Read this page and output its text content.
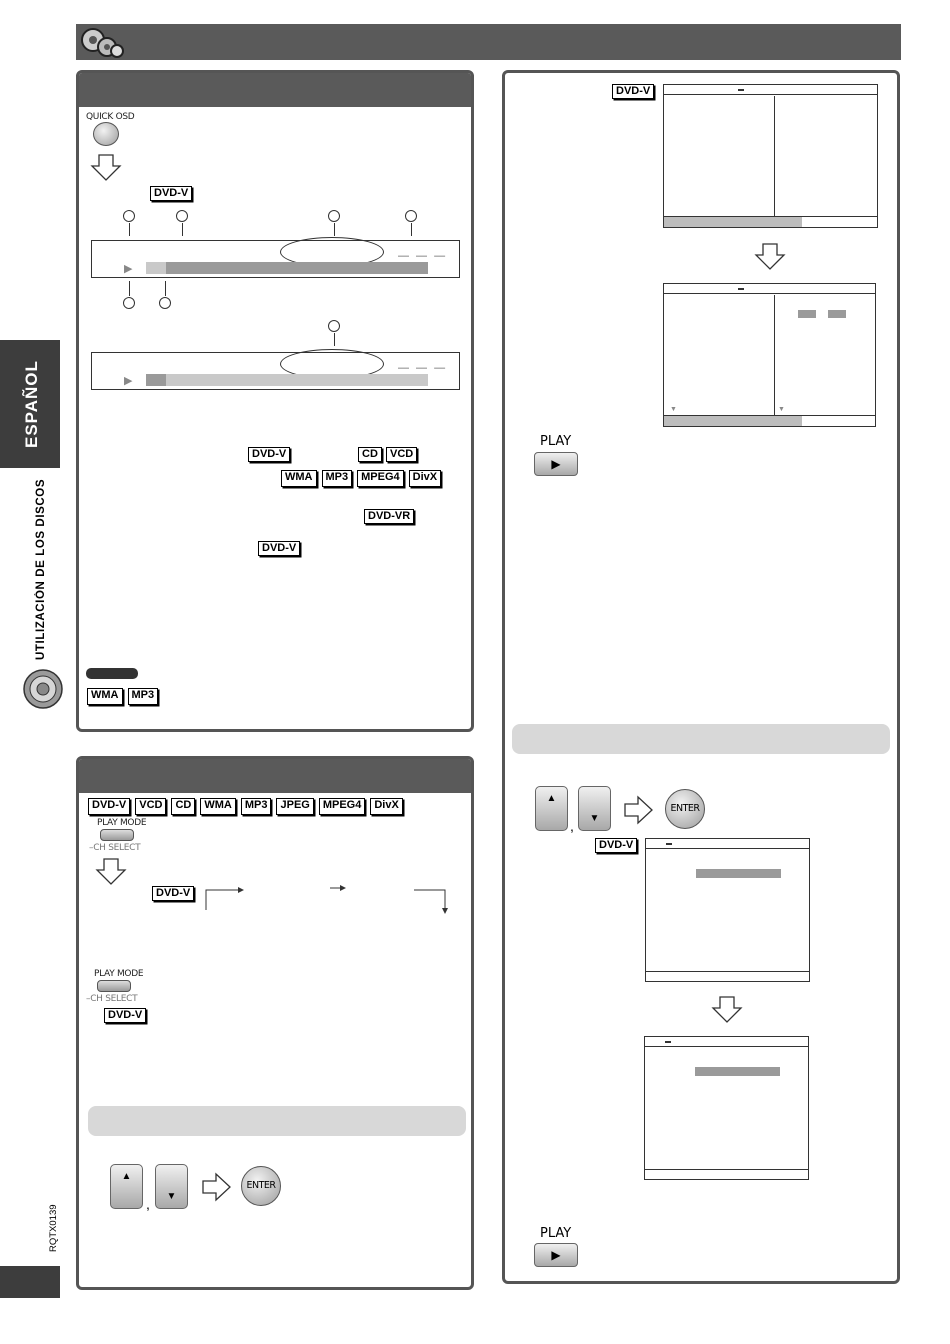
ESPAÑOL
UTILIZACIÓN DE LOS DISCOS
RQTX0139
QUICK OSD
DVD-V
— — —
▶
— — —
▶
DVD-V	CD	VCD
WMA	MP3	MPEG4	DivX
DVD-VR
DVD-V
WMA	MP3
DVD-V	VCD	CD	WMA	MP3	JPEG	MPEG4	DivX
PLAY MODE
–CH SELECT
DVD-V
PLAY MODE
–CH SELECT
DVD-V
▲
,	▼
ENTER
DVD-V
▼	▼
PLAY
▶
▲
,	▼
ENTER
DVD-V
PLAY
▶
